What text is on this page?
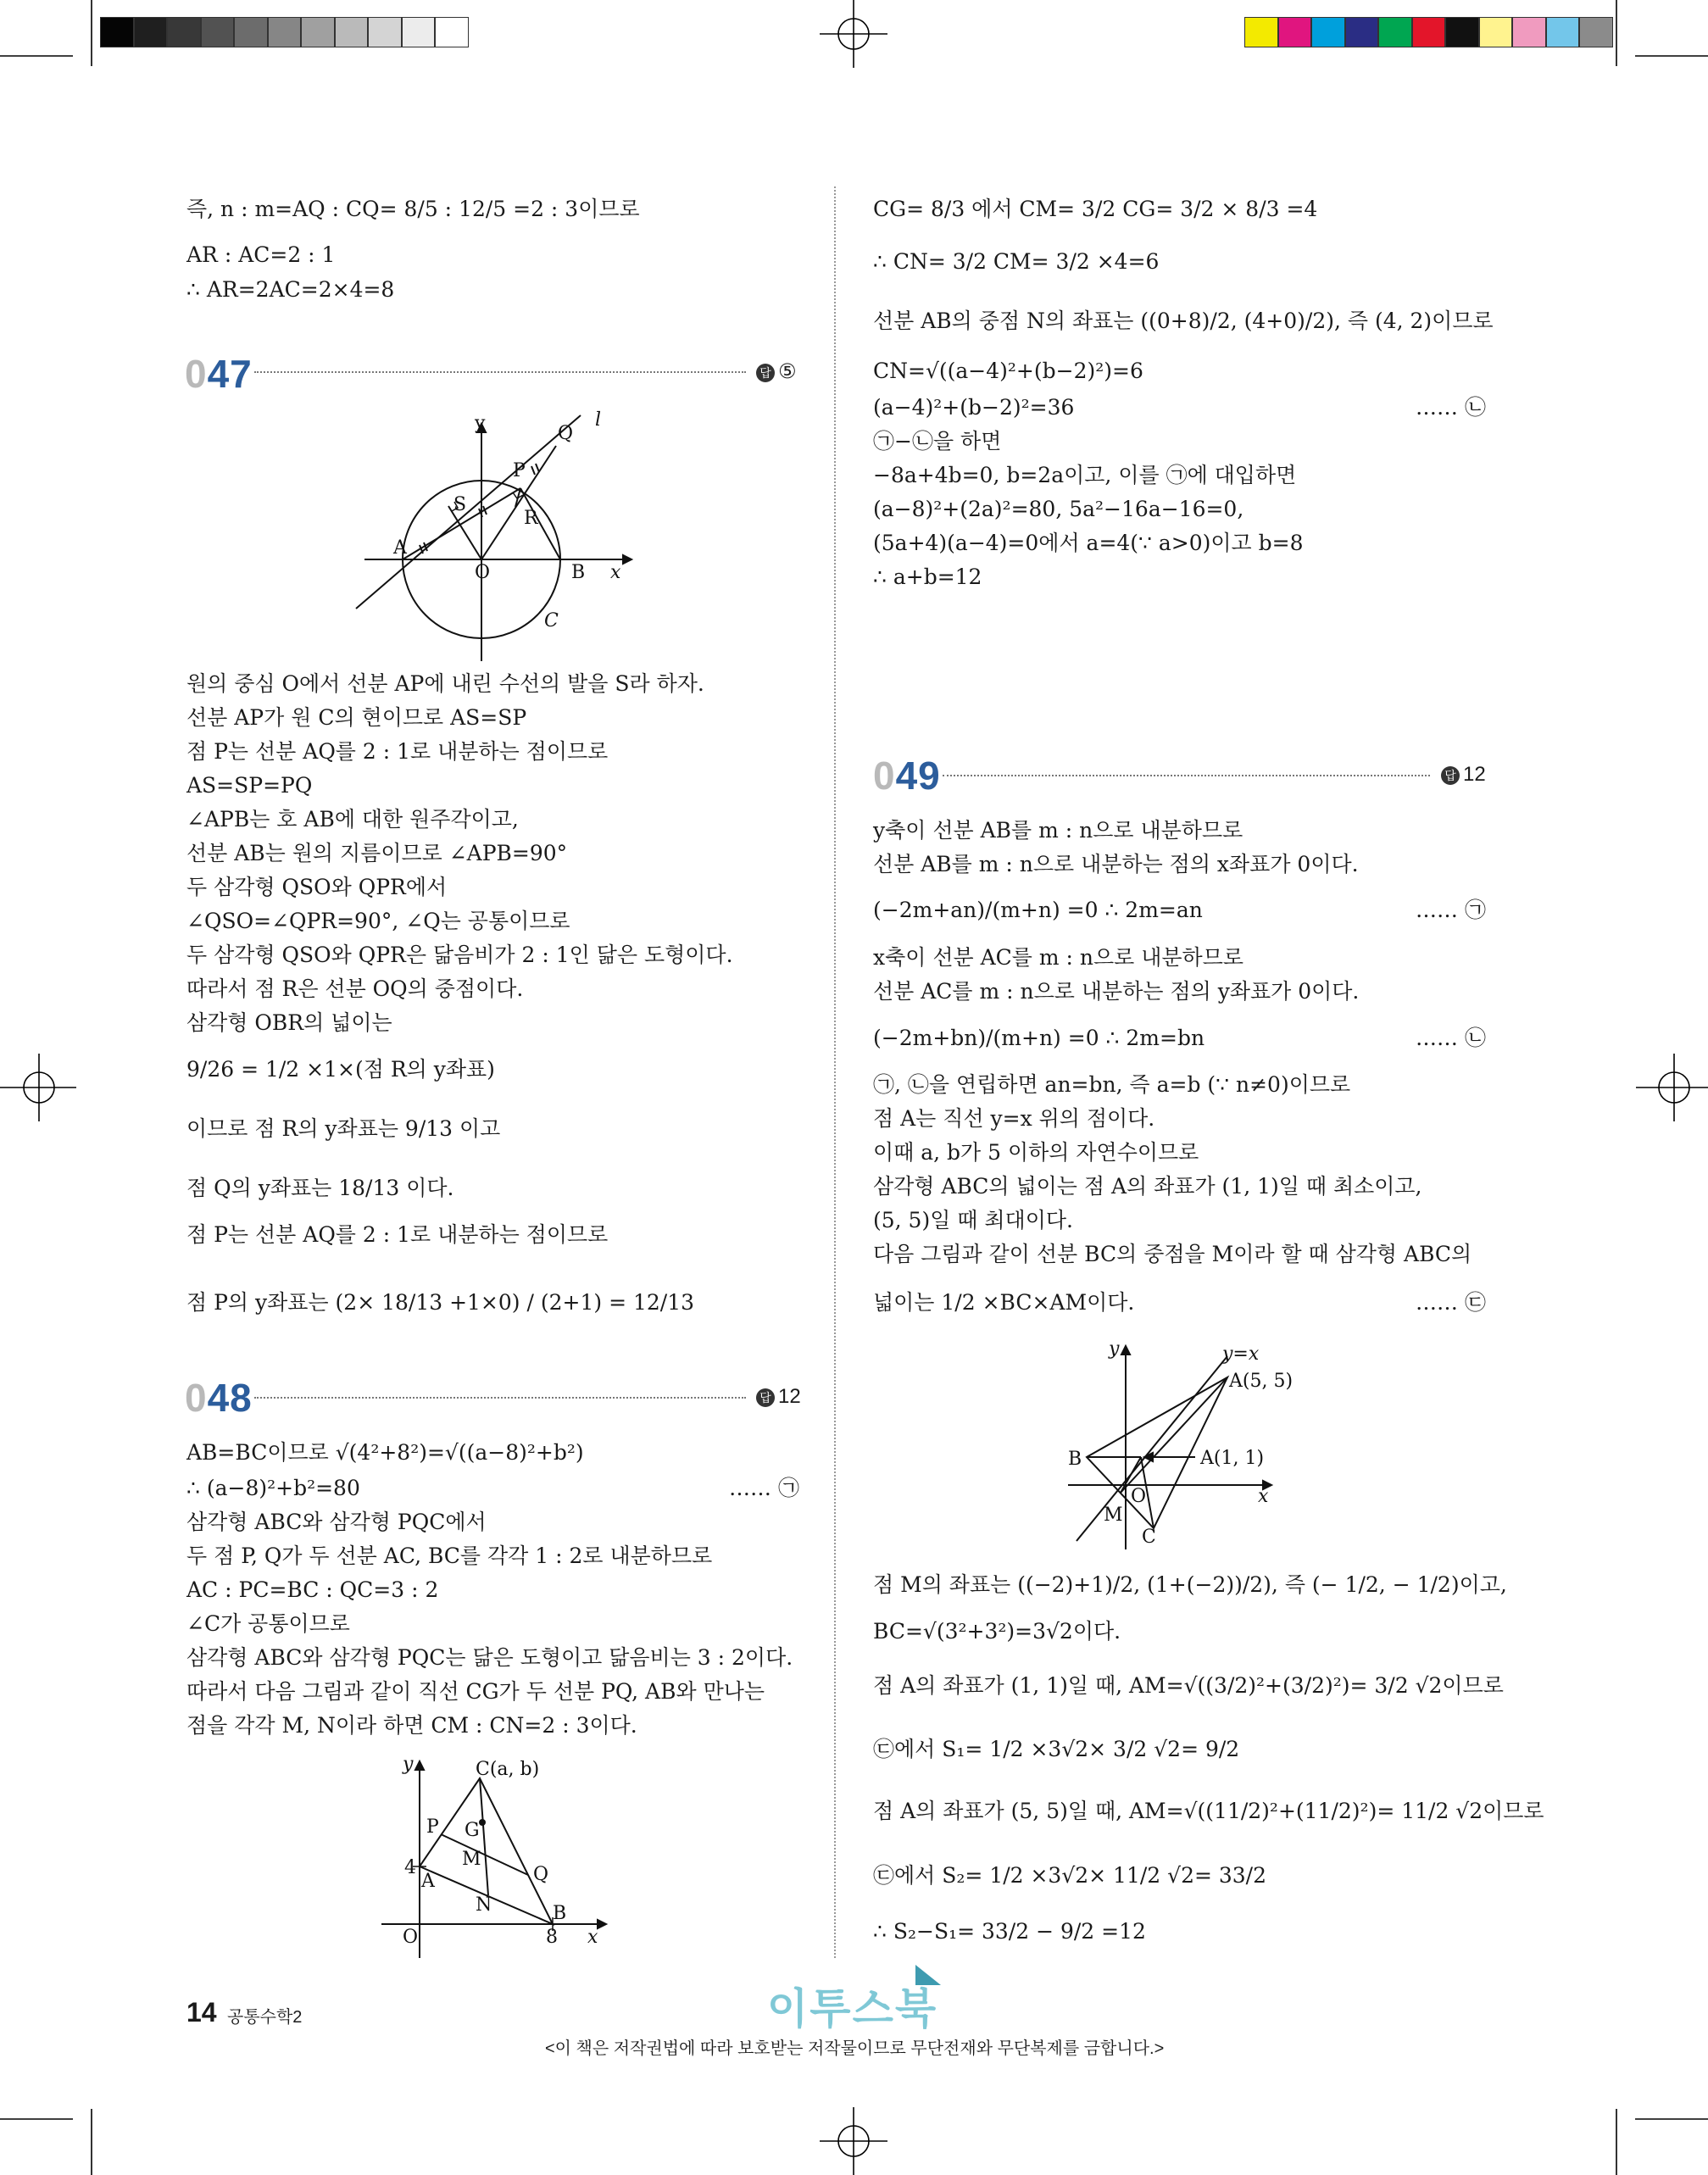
즉, n : m=AQ : CQ= 8/5 : 12/5 =2 : 3이므로
AR : AC=2 : 1
∴ AR=2AC=2×4=8
047	답 ⑤
y	Q
l
P
S
R
A
O	B x
C
원의 중심 O에서 선분 AP에 내린 수선의 발을 S라 하자.
선분 AP가 원 C의 현이므로 AS=SP
점 P는 선분 AQ를 2 : 1로 내분하는 점이므로
AS=SP=PQ
∠APB는 호 AB에 대한 원주각이고,
선분 AB는 원의 지름이므로 ∠APB=90°
두 삼각형 QSO와 QPR에서
∠QSO=∠QPR=90°, ∠Q는 공통이므로
두 삼각형 QSO와 QPR은 닮음비가 2 : 1인 닮은 도형이다.
따라서 점 R은 선분 OQ의 중점이다.
삼각형 OBR의 넓이는
9/26 = 1/2 ×1×(점 R의 y좌표)
이므로 점 R의 y좌표는 9/13 이고
점 Q의 y좌표는 18/13 이다.
점 P는 선분 AQ를 2 : 1로 내분하는 점이므로
점 P의 y좌표는 (2× 18/13 +1×0) / (2+1) = 12/13
048	답 12
AB=BC이므로 √(4²+8²)=√((a−8)²+b²)
∴ (a−8)²+b²=80
삼각형 ABC와 삼각형 PQC에서
두 점 P, Q가 두 선분 AC, BC를 각각 1 : 2로 내분하므로
AC : PC=BC : QC=3 : 2
∠C가 공통이므로
삼각형 ABC와 삼각형 PQC는 닮은 도형이고 닮음비는 3 : 2이다.
따라서 다음 그림과 같이 직선 CG가 두 선분 PQ, AB와 만나는
점을 각각 M, N이라 하면 CM : CN=2 : 3이다.
…… ㉠
y	C(a, b)
P G
4 M
Q
A
N	B
O	8 x
CG= 8/3 에서 CM= 3/2 CG= 3/2 × 8/3 =4
∴ CN= 3/2 CM= 3/2 ×4=6
선분 AB의 중점 N의 좌표는 ((0+8)/2, (4+0)/2), 즉 (4, 2)이므로
CN=√((a−4)²+(b−2)²)=6
(a−4)²+(b−2)²=36
㉠−㉡을 하면
−8a+4b=0, b=2a이고, 이를 ㉠에 대입하면
(a−8)²+(2a)²=80, 5a²−16a−16=0,
(5a+4)(a−4)=0에서 a=4(∵ a>0)이고 b=8
∴ a+b=12
…… ㉡
049	답 12
y축이 선분 AB를 m : n으로 내분하므로
선분 AB를 m : n으로 내분하는 점의 x좌표가 0이다.
(−2m+an)/(m+n) =0 ∴ 2m=an
x축이 선분 AC를 m : n으로 내분하므로
선분 AC를 m : n으로 내분하는 점의 y좌표가 0이다.
(−2m+bn)/(m+n) =0 ∴ 2m=bn
㉠, ㉡을 연립하면 an=bn, 즉 a=b (∵ n≠0)이므로
점 A는 직선 y=x 위의 점이다.
이때 a, b가 5 이하의 자연수이므로
삼각형 ABC의 넓이는 점 A의 좌표가 (1, 1)일 때 최소이고,
(5, 5)일 때 최대이다.
다음 그림과 같이 선분 BC의 중점을 M이라 할 때 삼각형 ABC의
넓이는 1/2 ×BC×AM이다.
…… ㉠
…… ㉡
…… ㉢
y	y=x
A(5, 5)
B	A(1, 1)
O	x
M
C
점 M의 좌표는 ((−2)+1)/2, (1+(−2))/2), 즉 (− 1/2, − 1/2)이고,
BC=√(3²+3²)=3√2이다.
점 A의 좌표가 (1, 1)일 때, AM=√((3/2)²+(3/2)²)= 3/2 √2이므로
㉢에서 S₁= 1/2 ×3√2× 3/2 √2= 9/2
점 A의 좌표가 (5, 5)일 때, AM=√((11/2)²+(11/2)²)= 11/2 √2이므로
㉢에서 S₂= 1/2 ×3√2× 11/2 √2= 33/2
∴ S₂−S₁= 33/2 − 9/2 =12
14 공통수학2	이투스북
<이 책은 저작권법에 따라 보호받는 저작물이므로 무단전재와 무단복제를 금합니다.>
